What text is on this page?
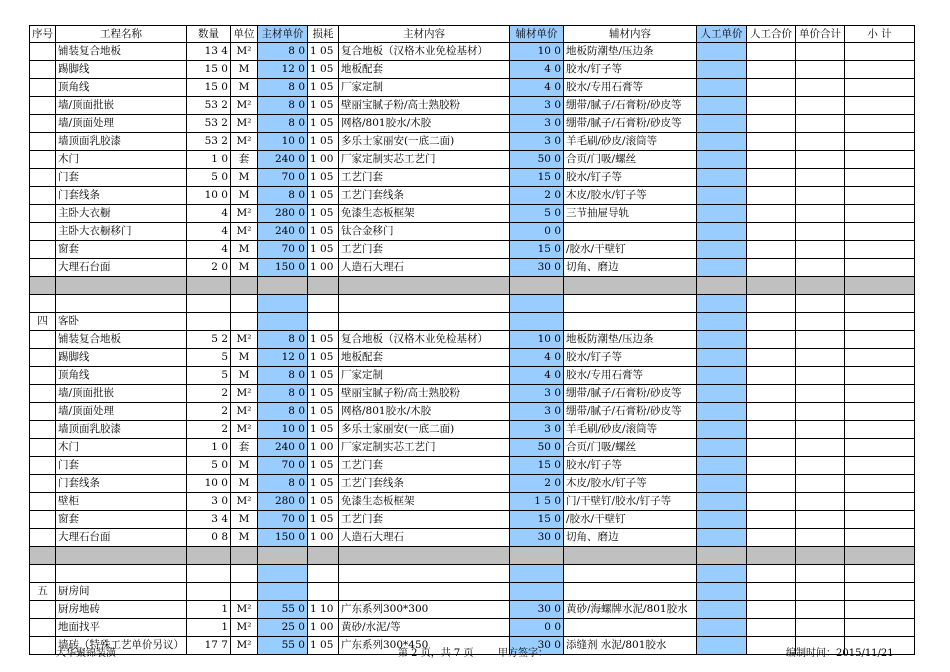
序号	工程名称	数量	单位	主材单价	损耗	主材内容	辅材单价	辅材内容	人工单价	人工合价	单价合计	小 计
	铺装复合地板	13 4	M²	8 0	1 05	复合地板（汉格木业免检基材）	10 0	地板防潮垫/压边条				
	踢脚线	15 0	M	12 0	1 05	地板配套	4 0	胶水/钉子等				
	顶角线	15 0	M	8 0	1 05	厂家定制	4 0	胶水/专用石膏等				
	墙/顶面批嵌	53 2	M²	8 0	1 05	壁丽宝腻子粉/高士熟胶粉	3 0	绷带/腻子/石膏粉/砂皮等				
	墙/顶面处理	53 2	M²	8 0	1 05	网格/801胶水/木胶	3 0	绷带/腻子/石膏粉/砂皮等				
	墙顶面乳胶漆	53 2	M²	10 0	1 05	多乐士家丽安(一底二面)	3 0	羊毛刷/砂皮/滚筒等				
	木门	1 0	套	240 0	1 00	厂家定制实芯工艺门	50 0	合页/门吸/螺丝				
	门套	5 0	M	70 0	1 05	工艺门套	15 0	胶水/钉子等				
	门套线条	10 0	M	8 0	1 05	工艺门套线条	2 0	木皮/胶水/钉子等				
	主卧大衣橱	4	M²	280 0	1 05	免漆生态板框架	5 0	三节抽屉导轨				
	主卧大衣橱移门	4	M²	240 0	1 05	钛合金移门	0 0					
	窗套	4	M	70 0	1 05	工艺门套	15 0	/胶水/干壁钉				
	大理石台面	2 0	M	150 0	1 00	人造石大理石	30 0	切角、磨边				

四	客卧											
	铺装复合地板	5 2	M²	8 0	1 05	复合地板（汉格木业免检基材）	10 0	地板防潮垫/压边条				
	踢脚线	5	M	12 0	1 05	地板配套	4 0	胶水/钉子等				
	顶角线	5	M	8 0	1 05	厂家定制	4 0	胶水/专用石膏等				
	墙/顶面批嵌	2	M²	8 0	1 05	壁丽宝腻子粉/高士熟胶粉	3 0	绷带/腻子/石膏粉/砂皮等				
	墙/顶面处理	2	M²	8 0	1 05	网格/801胶水/木胶	3 0	绷带/腻子/石膏粉/砂皮等				
	墙顶面乳胶漆	2	M²	10 0	1 05	多乐士家丽安(一底二面)	3 0	羊毛刷/砂皮/滚筒等				
	木门	1 0	套	240 0	1 00	厂家定制实芯工艺门	50 0	合页/门吸/螺丝				
	门套	5 0	M	70 0	1 05	工艺门套	15 0	胶水/钉子等				
	门套线条	10 0	M	8 0	1 05	工艺门套线条	2 0	木皮/胶水/钉子等				
	壁柜	3 0	M²	280 0	1 05	免漆生态板框架	1 5 0	门/干壁钉/胶水/钉子等				
	窗套	3 4	M	70 0	1 05	工艺门套	15 0	/胶水/干壁钉				
	大理石台面	0 8	M	150 0	1 00	人造石大理石	30 0	切角、磨边				

五	厨房间											
	厨房地砖	1	M²	55 0	1 10	广东系列300*300	30 0	黄砂/海螺牌水泥/801胶水				
	地面找平	1	M²	25 0	1 00	黄砂/水泥/等	0 0					
	墙砖（特殊工艺单价另议）	17 7	M²	55 0	1 05	广东系列300*450	30 0	添缝剂 水泥/801胶水				
大华聚锦装潢	第 2 页，共 7 页 甲方签字：	编制时间：2015/11/21
